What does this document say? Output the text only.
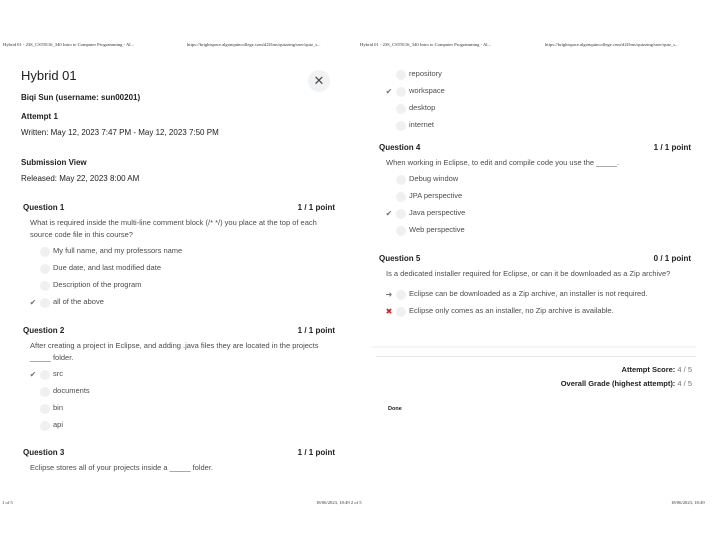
Hybrid 01 - 23S_CST8116_340 Intro to Computer Programming - Al...	https://brightspace.algonquincollege.com/d2l/lms/quizzing/user/quiz_s...	Hybrid 01 - 23S_CST8116_340 Intro to Computer Programming - Al...	https://brightspace.algonquincollege.com/d2l/lms/quizzing/user/quiz_s...
Hybrid 01	✕
Biqi Sun (username: sun00201)
Attempt 1
Written: May 12, 2023 7:47 PM - May 12, 2023 7:50 PM
Submission View
Released: May 22, 2023 8:00 AM
Question 1	1 / 1 point
What is required inside the multi-line comment block (/* */) you place at the top of each source code file in this course?
My full name, and my professors name
Due date, and last modified date
Description of the program
✔ all of the above
Question 2	1 / 1 point
After creating a project in Eclipse, and adding .java files they are located in the projects _____ folder.
✔ src
documents
bin
api
Question 3	1 / 1 point
Eclipse stores all of your projects inside a _____ folder.
repository
✔ workspace
desktop
internet
Question 4	1 / 1 point
When working in Eclipse, to edit and compile code you use the _____.
Debug window
JPA perspective
✔ Java perspective
Web perspective
Question 5	0 / 1 point
Is a dedicated installer required for Eclipse, or can it be downloaded as a Zip archive?
➜ Eclipse can be downloaded as a Zip archive, an installer is not required.
✖ Eclipse only comes as an installer, no Zip archive is available.
Attempt Score: 4 / 5
Overall Grade (highest attempt): 4 / 5
Done
1 of 5	18/06/2023, 18:49 2 of 5	18/06/2023, 18:49
